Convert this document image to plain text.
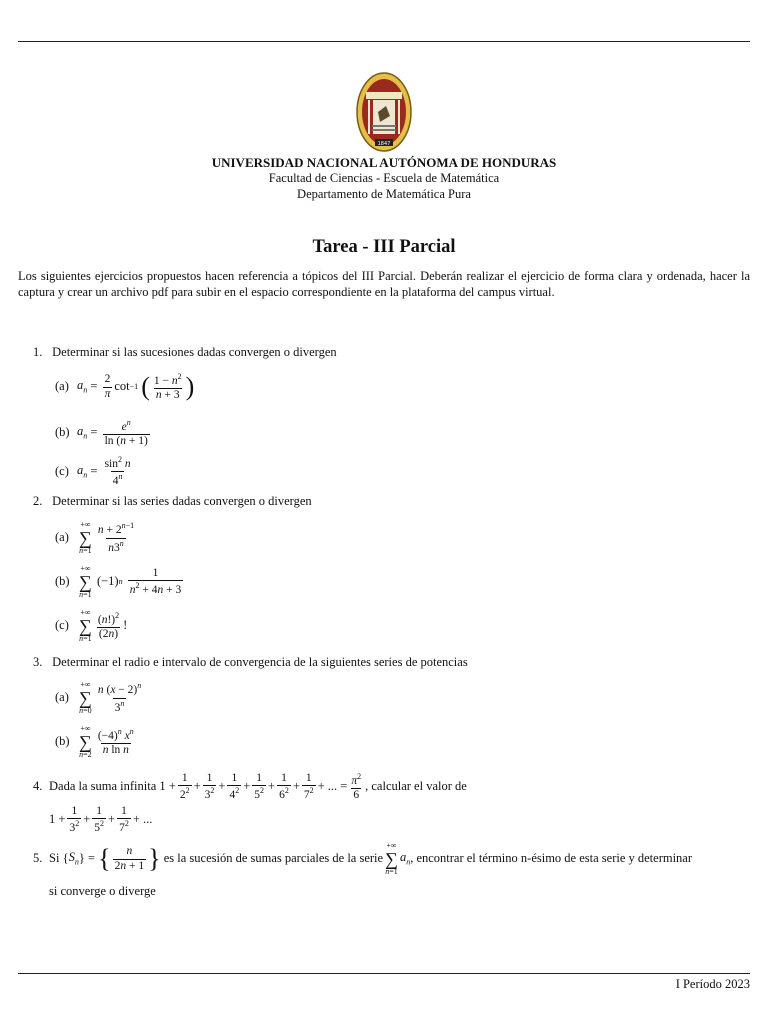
1847
UNIVERSIDAD NACIONAL AUTÓNOMA DE HONDURAS
Facultad de Ciencias - Escuela de Matemática
Departamento de Matemática Pura
Tarea - III Parcial
Los siguientes ejercicios propuestos hacen referencia a tópicos del III Parcial. Deberán realizar el ejercicio de forma clara y ordenada, hacer la captura y crear un archivo pdf para subir en el espacio correspondiente en la plataforma del campus virtual.
1. Determinar si las sucesiones dadas convergen o divergen
(a) $a_n = \frac{2}{\pi}$ cot −1
( $\frac{1 - n^2}{n + 3}$ )
(b) $a_n = \frac{e^n}{\ln (n + 1)}$
(c) $a_n = \frac{\sin^2 n}{4^n}$
2. Determinar si las series dadas convergen o divergen
(a)
+∞
∑
$n=1 \frac{n + 2^{n-1}}{n3^n}$
(b)
+∞
∑
n=1
(−1) n
$\frac{1}{n^2 + 4n + 3}$
(c)
+∞
∑
$n=1 \frac{(n!)^2}{(2n)}$ !
3. Determinar el radio e intervalo de convergencia de la siguientes series de potencias
(a)
+∞
∑
$n=0 \frac{n (x - 2)^n}{3^n}$
(b)
+∞
∑
$n=2 \frac{(-4)^n x^n}{\text{n ln n}}$
4. Dada la suma infinita $1 + \frac{1}{2^2} + \frac{1}{3^2} + \frac{1}{4^2} + \frac{1}{5^2} + \frac{1}{6^2} + \frac{1}{7^2}$ + ... = $\frac{\pi^2}{6}$ , calcular el valor de
$1 + \frac{1}{3^2} + \frac{1}{5^2} + \frac{1}{7^2}$ + ...
5. Si { $S_n$ } = { $\frac{n}{2n + 1}$ }
es la sucesión de sumas parciales de la serie
+∞
∑
n=1
$a_n$ , encontrar el término n-ésimo de esta serie y determinar
si converge o diverge
I Período 2023
